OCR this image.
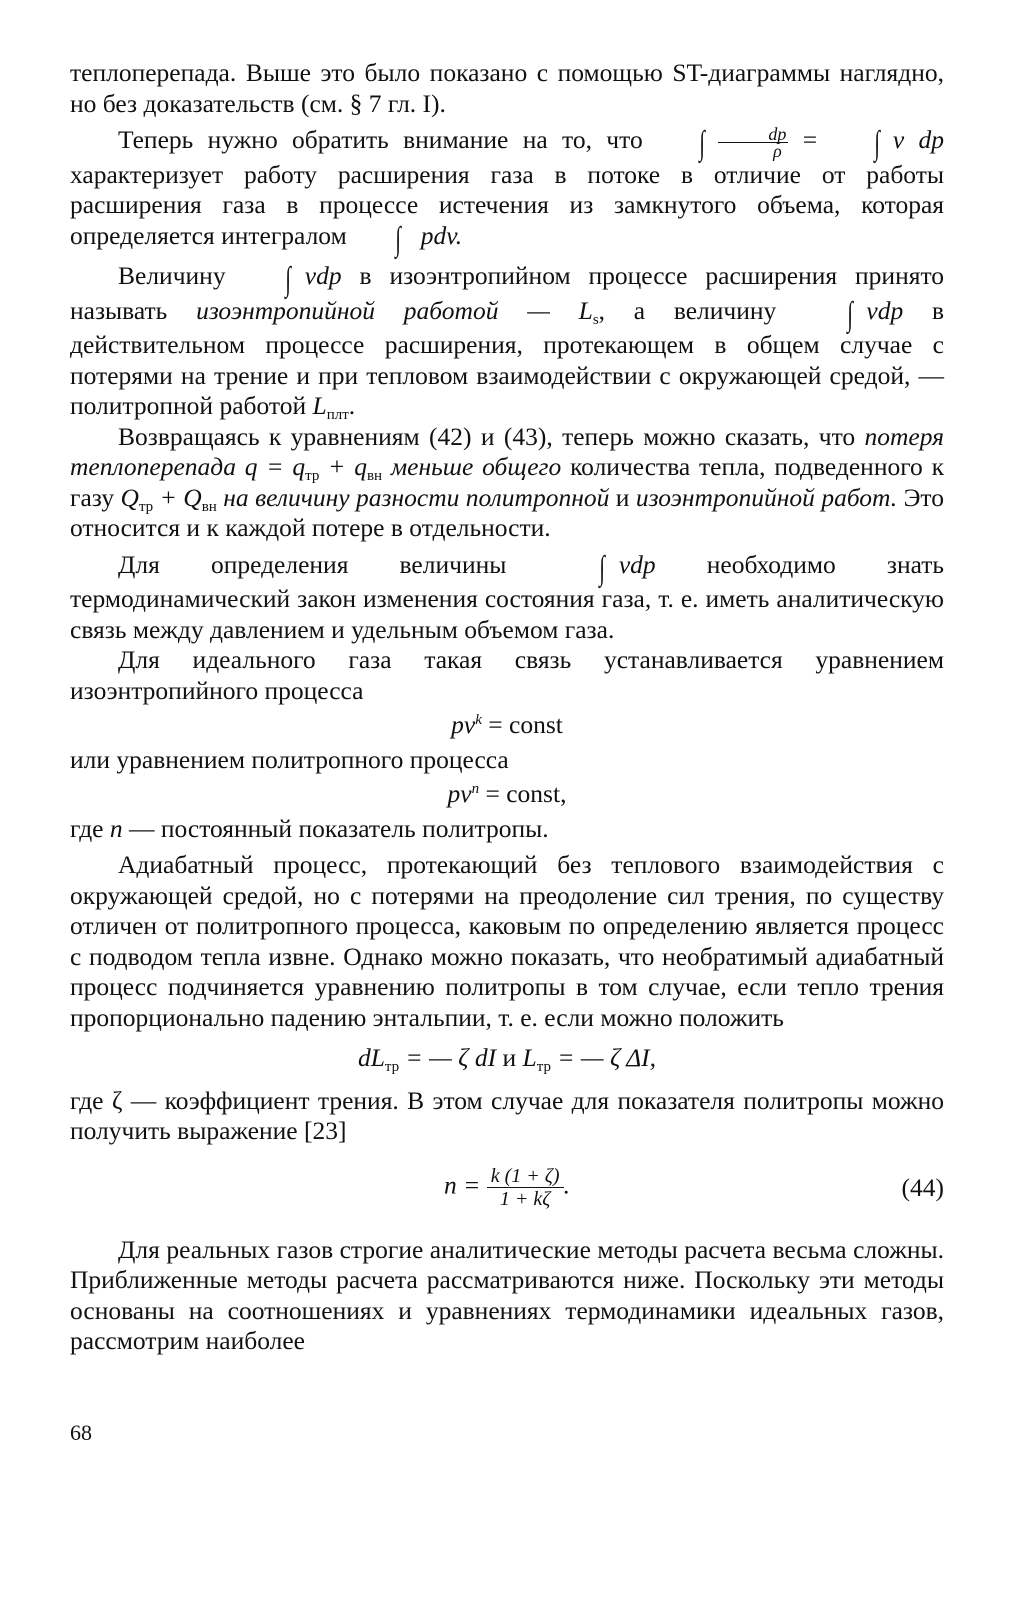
теплоперепада. Выше это было показано с помощью ST-диаграммы наглядно, но без доказательств (см. § 7 гл. I).

Теперь нужно обратить внимание на то, что ∫ $\frac{dp}{\rho}$ = ∫ v dp характеризует работу расширения газа в потоке в отличие от работы расширения газа в процессе истечения из замкнутого объема, которая определяется интегралом ∫ pdv.

Величину ∫ vdp в изоэнтропийном процессе расширения принято называть изоэнтропийной работой — $L_s$, а величину ∫ vdp в действительном процессе расширения, протекающем в общем случае с потерями на трение и при тепловом взаимодействии с окружающей средой, — политропной работой $L_{плт}$.

Возвращаясь к уравнениям (42) и (43), теперь можно сказать, что потеря теплоперепада $q = q_{тр} + q_{вн}$ меньше общего количества тепла, подведенного к газу $Q_{тр} + Q_{вн}$ на величину разности политропной и изоэнтропийной работ. Это относится и к каждой потере в отдельности.

Для определения величины	∫ vdp необходимо знать термодинамический закон изменения состояния газа, т. е. иметь аналитическую связь между давлением и удельным объемом газа.

Для идеального газа такая связь устанавливается уравнением изоэнтропийного процесса

$pv^k$ = const

или уравнением политропного процесса

$pv^n$ = const,

где n — постоянный показатель политропы.

Адиабатный процесс, протекающий без теплового взаимодействия с окружающей средой, но с потерями на преодоление сил трения, по существу отличен от политропного процесса, каковым по определению является процесс с подводом тепла извне. Однако можно показать, что необратимый адиабатный процесс подчиняется уравнению политропы в том случае, если тепло трения пропорционально падению энтальпии, т. е. если можно положить

$dL_{тр}$ = — ζ dI и $L_{тр}$ = — ζ ΔI,

где ζ — коэффициент трения. В этом случае для показателя политропы можно получить выражение [23]

$n = \frac{k (1 + \zeta)}{1 + k\zeta}$ .	(44)

Для реальных газов строгие аналитические методы расчета весьма сложны. Приближенные методы расчета рассматриваются ниже. Поскольку эти методы основаны на соотношениях и уравнениях термодинамики идеальных газов, рассмотрим наиболее

68
